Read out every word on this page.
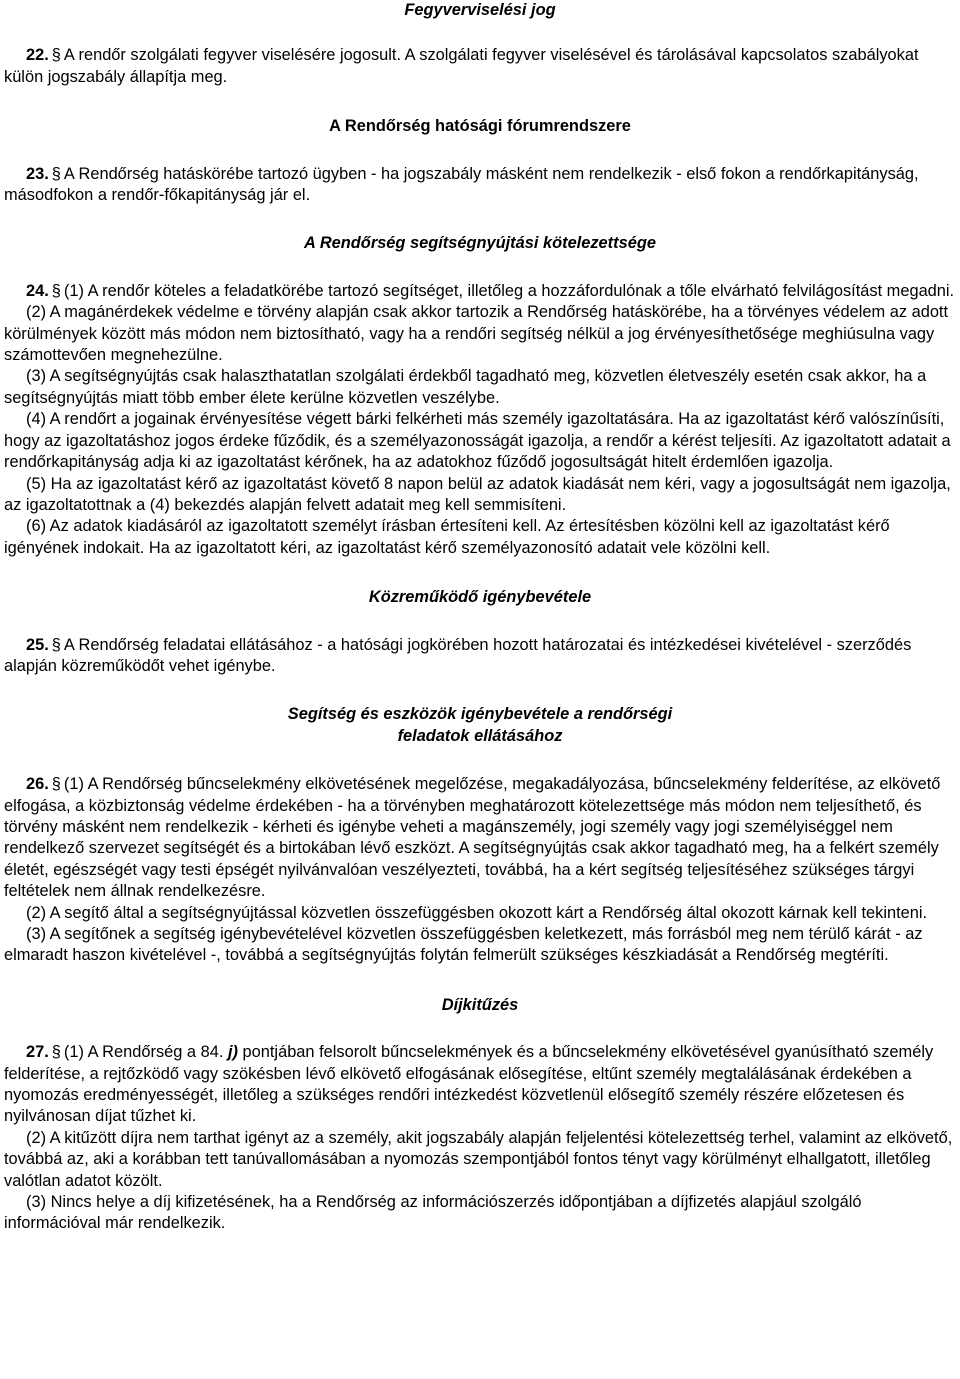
Fegyverviselési jog

22. § A rendőr szolgálati fegyver viselésére jogosult. A szolgálati fegyver viselésével és tárolásával kapcsolatos szabályokat külön jogszabály állapítja meg.

A Rendőrség hatósági fórumrendszere

23. § A Rendőrség hatáskörébe tartozó ügyben - ha jogszabály másként nem rendelkezik - első fokon a rendőrkapitányság, másodfokon a rendőr-főkapitányság jár el.

A Rendőrség segítségnyújtási kötelezettsége

24. § (1) A rendőr köteles a feladatkörébe tartozó segítséget, illetőleg a hozzáfordulónak a tőle elvárható felvilágosítást megadni.

(2) A magánérdekek védelme e törvény alapján csak akkor tartozik a Rendőrség hatáskörébe, ha a törvényes védelem az adott körülmények között más módon nem biztosítható, vagy ha a rendőri segítség nélkül a jog érvényesíthetősége meghiúsulna vagy számottevően megnehezülne.

(3) A segítségnyújtás csak halaszthatatlan szolgálati érdekből tagadható meg, közvetlen életveszély esetén csak akkor, ha a segítségnyújtás miatt több ember élete kerülne közvetlen veszélybe.

(4) A rendőrt a jogainak érvényesítése végett bárki felkérheti más személy igazoltatására. Ha az igazoltatást kérő valószínűsíti, hogy az igazoltatáshoz jogos érdeke fűződik, és a személyazonosságát igazolja, a rendőr a kérést teljesíti. Az igazoltatott adatait a rendőrkapitányság adja ki az igazoltatást kérőnek, ha az adatokhoz fűződő jogosultságát hitelt érdemlően igazolja.

(5) Ha az igazoltatást kérő az igazoltatást követő 8 napon belül az adatok kiadását nem kéri, vagy a jogosultságát nem igazolja, az igazoltatottnak a (4) bekezdés alapján felvett adatait meg kell semmisíteni.

(6) Az adatok kiadásáról az igazoltatott személyt írásban értesíteni kell. Az értesítésben közölni kell az igazoltatást kérő igényének indokait. Ha az igazoltatott kéri, az igazoltatást kérő személyazonosító adatait vele közölni kell.

Közreműködő igénybevétele

25. § A Rendőrség feladatai ellátásához - a hatósági jogkörében hozott határozatai és intézkedései kivételével - szerződés alapján közreműködőt vehet igénybe.

Segítség és eszközök igénybevétele a rendőrségi
feladatok ellátásához

26. § (1) A Rendőrség bűncselekmény elkövetésének megelőzése, megakadályozása, bűncselekmény felderítése, az elkövető elfogása, a közbiztonság védelme érdekében - ha a törvényben meghatározott kötelezettsége más módon nem teljesíthető, és törvény másként nem rendelkezik - kérheti és igénybe veheti a magánszemély, jogi személy vagy jogi személyiséggel nem rendelkező szervezet segítségét és a birtokában lévő eszközt. A segítségnyújtás csak akkor tagadható meg, ha a felkért személy életét, egészségét vagy testi épségét nyilvánvalóan veszélyezteti, továbbá, ha a kért segítség teljesítéséhez szükséges tárgyi feltételek nem állnak rendelkezésre.

(2) A segítő által a segítségnyújtással közvetlen összefüggésben okozott kárt a Rendőrség által okozott kárnak kell tekinteni.

(3) A segítőnek a segítség igénybevételével közvetlen összefüggésben keletkezett, más forrásból meg nem térülő kárát - az elmaradt haszon kivételével -, továbbá a segítségnyújtás folytán felmerült szükséges készkiadását a Rendőrség megtéríti.

Díjkitűzés

27. § (1) A Rendőrség a 84. j) pontjában felsorolt bűncselekmények és a bűncselekmény elkövetésével gyanúsítható személy felderítése, a rejtőzködő vagy szökésben lévő elkövető elfogásának elősegítése, eltűnt személy megtalálásának érdekében a nyomozás eredményességét, illetőleg a szükséges rendőri intézkedést közvetlenül elősegítő személy részére előzetesen és nyilvánosan díjat tűzhet ki.

(2) A kitűzött díjra nem tarthat igényt az a személy, akit jogszabály alapján feljelentési kötelezettség terhel, valamint az elkövető, továbbá az, aki a korábban tett tanúvallomásában a nyomozás szempontjából fontos tényt vagy körülményt elhallgatott, illetőleg valótlan adatot közölt.

(3) Nincs helye a díj kifizetésének, ha a Rendőrség az információszerzés időpontjában a díjfizetés alapjául szolgáló információval már rendelkezik.
